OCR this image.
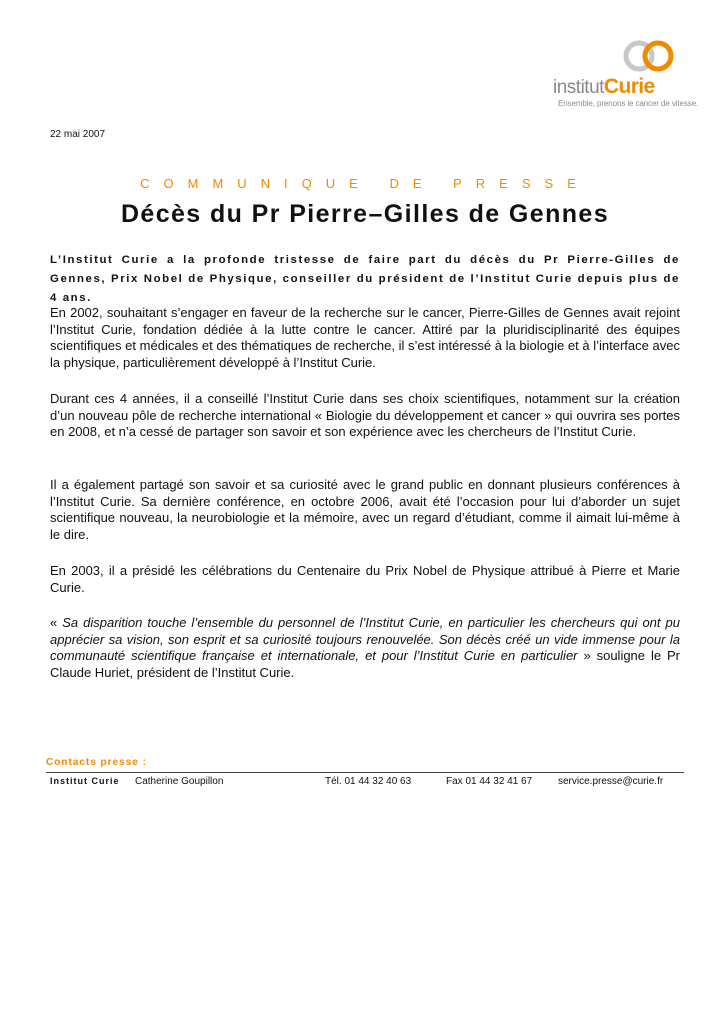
institutCurie
Ensemble, prenons le cancer de vitesse.
22 mai 2007
COMMUNIQUE DE PRESSE
Décès du Pr Pierre–Gilles de Gennes
L’Institut Curie a la profonde tristesse de faire part du décès du Pr Pierre-Gilles de Gennes, Prix Nobel de Physique, conseiller du président de l’Institut Curie depuis plus de 4 ans.
En 2002, souhaitant s’engager en faveur de la recherche sur le cancer, Pierre-Gilles de Gennes avait rejoint l’Institut Curie, fondation dédiée à la lutte contre le cancer. Attiré par la pluridisciplinarité des équipes scientifiques et médicales et des thématiques de recherche, il s’est intéressé à la biologie et à l’interface avec la physique, particulièrement développé à l’Institut Curie.
Durant ces 4 années, il a conseillé l’Institut Curie dans ses choix scientifiques, notamment sur la création d’un nouveau pôle de recherche international « Biologie du développement et cancer » qui ouvrira ses portes en 2008, et n’a cessé de partager son savoir et son expérience avec les chercheurs de l’Institut Curie.
Il a également partagé son savoir et sa curiosité avec le grand public en donnant plusieurs conférences à l’Institut Curie. Sa dernière conférence, en octobre 2006, avait été l’occasion pour lui d’aborder un sujet scientifique nouveau, la neurobiologie et la mémoire, avec un regard d’étudiant, comme il aimait lui-même à le dire.
En 2003, il a présidé les célébrations du Centenaire du Prix Nobel de Physique attribué à Pierre et Marie Curie.
« Sa disparition touche l’ensemble du personnel de l’Institut Curie, en particulier les chercheurs qui ont pu apprécier sa vision, son esprit et sa curiosité toujours renouvelée. Son décès créé un vide immense pour la communauté scientifique française et internationale, et pour l’Institut Curie en particulier » souligne le Pr Claude Huriet, président de l’Institut Curie.
Contacts presse :
Institut Curie Catherine Goupillon	Tél. 01 44 32 40 63	Fax 01 44 32 41 67	service.presse@curie.fr
